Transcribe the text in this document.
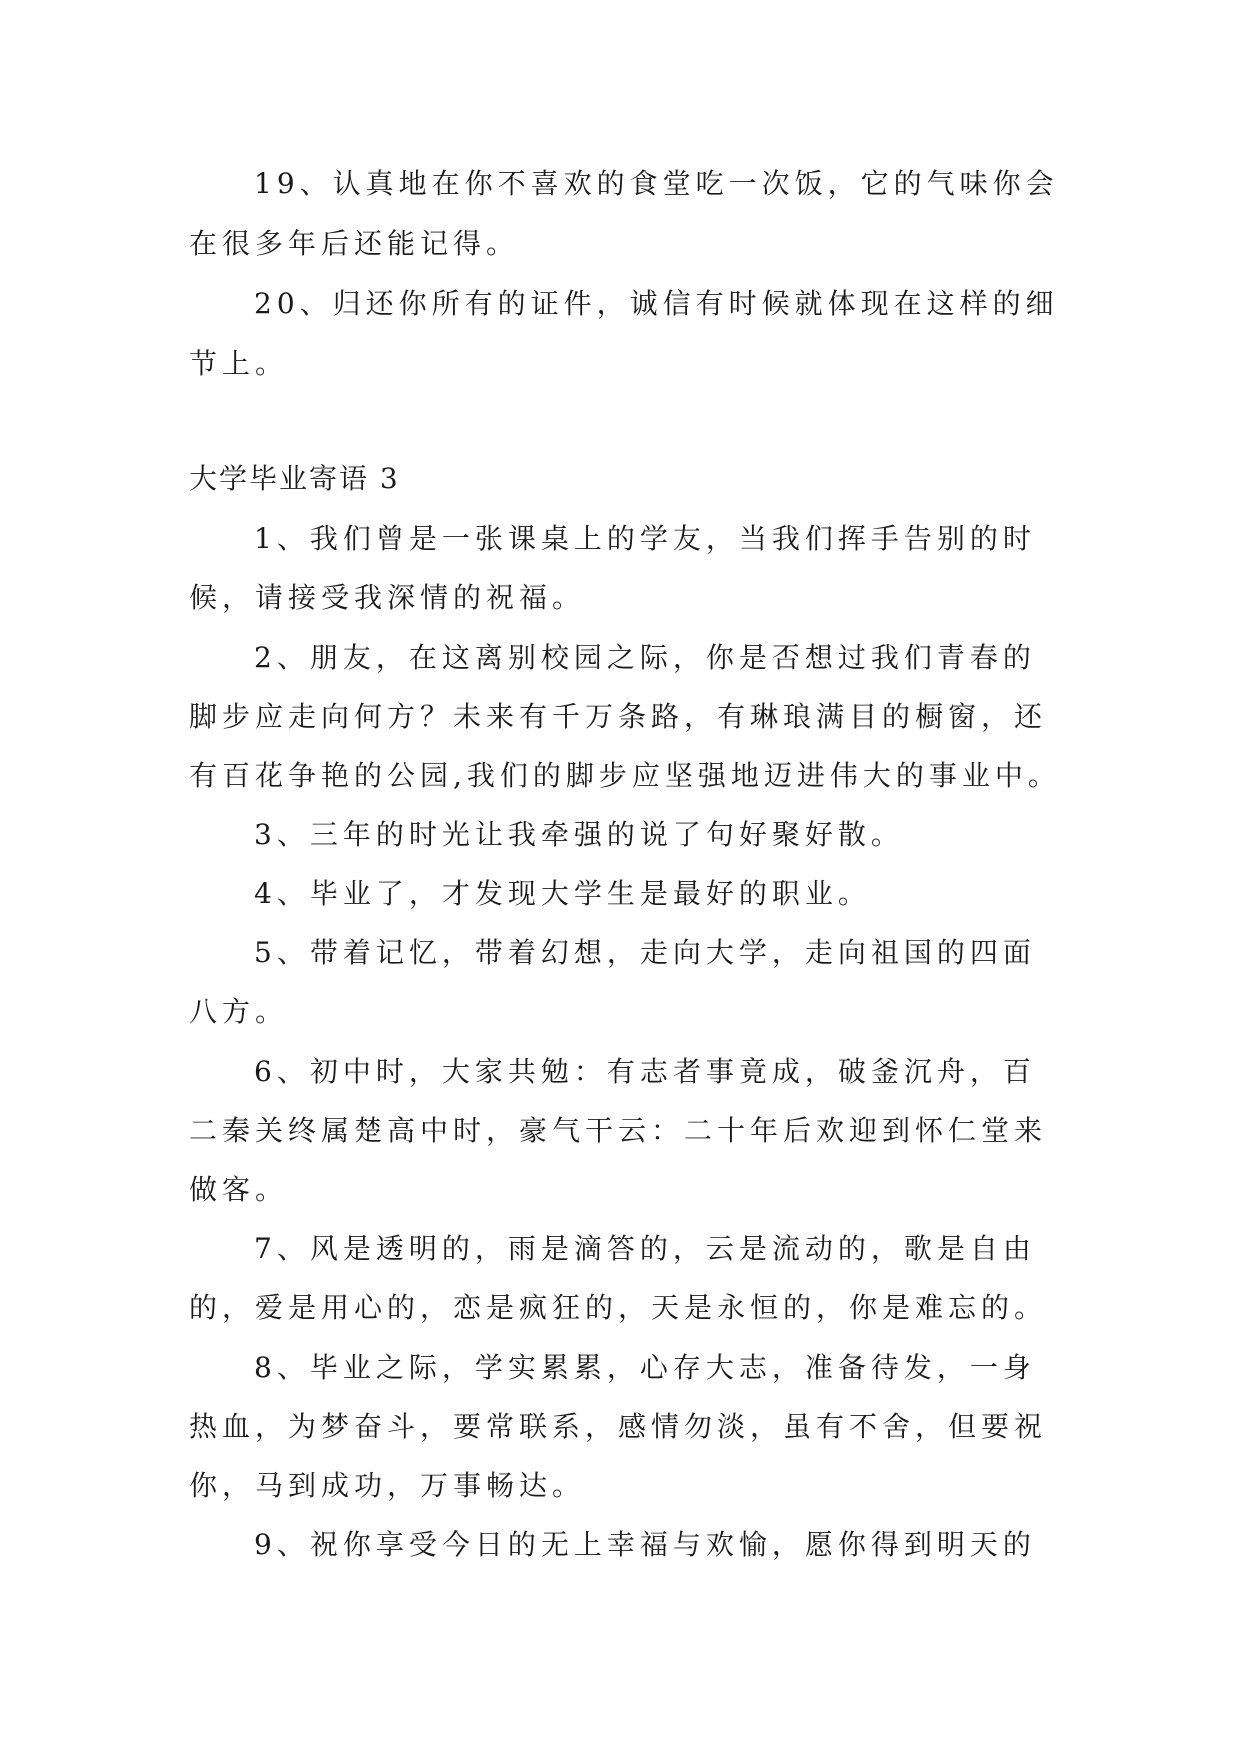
19、认真地在你不喜欢的食堂吃一次饭，它的气味你会
在很多年后还能记得。
20、归还你所有的证件，诚信有时候就体现在这样的细
节上。
大学毕业寄语 3
1、我们曾是一张课桌上的学友，当我们挥手告别的时
候，请接受我深情的祝福。
2、朋友，在这离别校园之际，你是否想过我们青春的
脚步应走向何方？未来有千万条路，有琳琅满目的橱窗，还
有百花争艳的公园,我们的脚步应坚强地迈进伟大的事业中。
3、三年的时光让我牵强的说了句好聚好散。
4、毕业了，才发现大学生是最好的职业。
5、带着记忆，带着幻想，走向大学，走向祖国的四面
八方。
6、初中时，大家共勉：有志者事竟成，破釜沉舟，百
二秦关终属楚高中时，豪气干云：二十年后欢迎到怀仁堂来
做客。
7、风是透明的，雨是滴答的，云是流动的，歌是自由
的，爱是用心的，恋是疯狂的，天是永恒的，你是难忘的。
8、毕业之际，学实累累，心存大志，准备待发，一身
热血，为梦奋斗，要常联系，感情勿淡，虽有不舍，但要祝
你，马到成功，万事畅达。
9、祝你享受今日的无上幸福与欢愉，愿你得到明天的
